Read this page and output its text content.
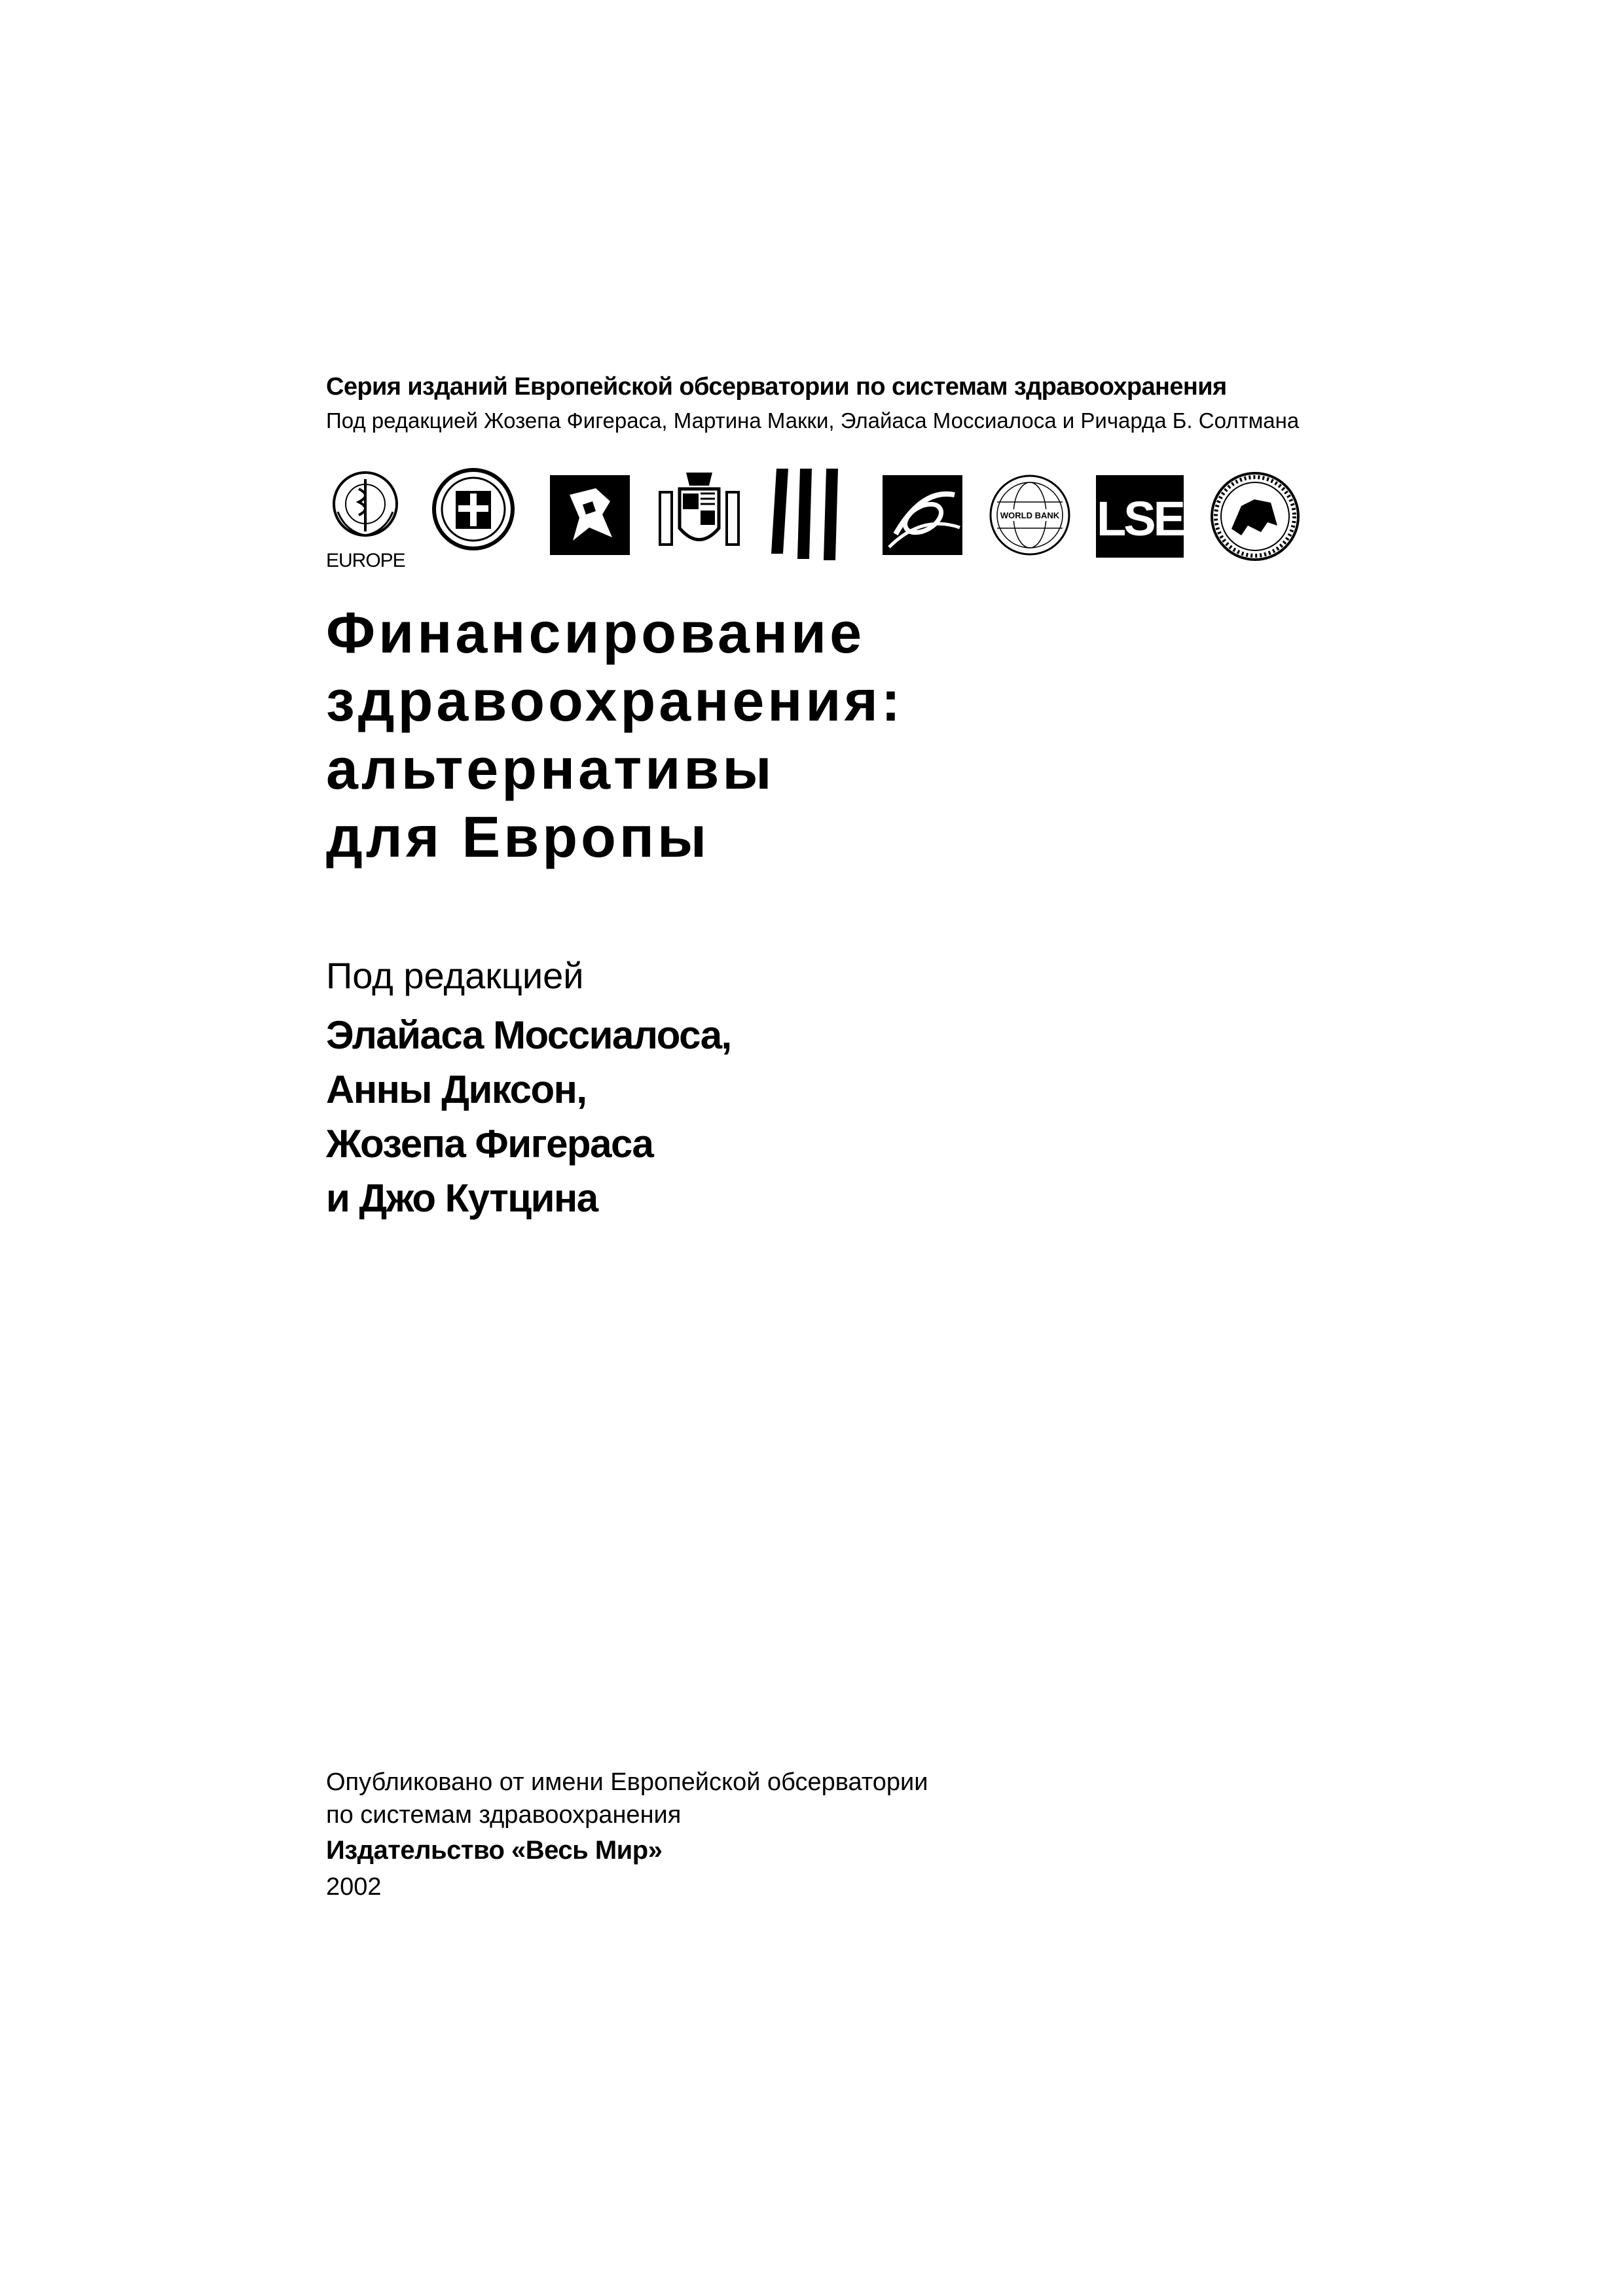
Серия изданий Европейской обсерватории по системам здравоохранения
Под редакцией Жозепа Фигераса, Мартина Макки, Элайаса Моссиалоса и Ричарда Б. Солтмана
EUROPE
WORLD BANK LSE
Финансирование
здравоохранения:
альтернативы
для Европы
Под редакцией
Элайаса Моссиалоса,
Анны Диксон,
Жозепа Фигераса
и Джо Кутцина
Опубликовано от имени Европейской обсерватории
по системам здравоохранения
Издательство «Весь Мир»
2002
